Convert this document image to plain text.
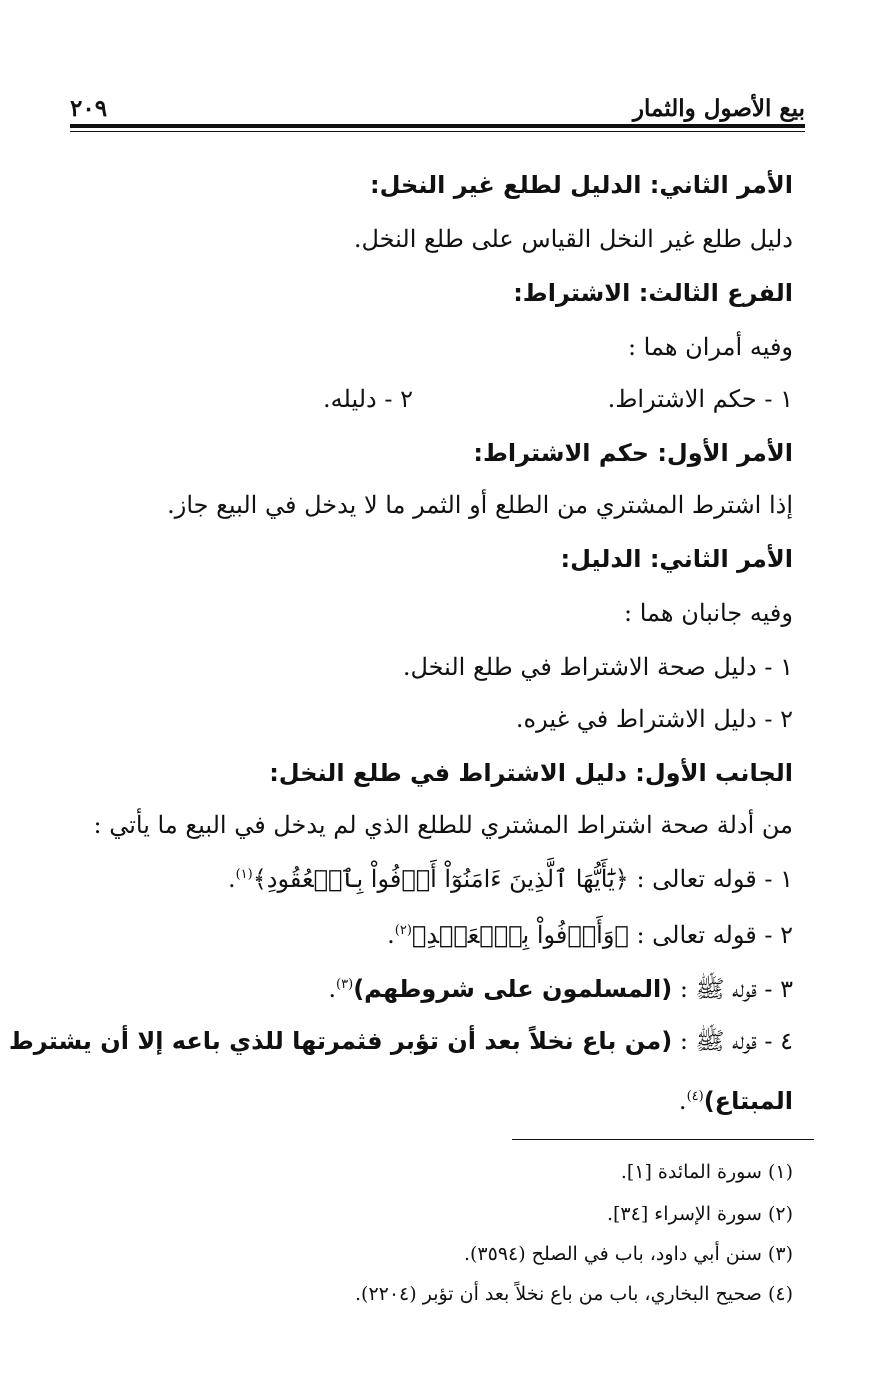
بيع الأصول والثمار
٢٠٩
الأمر الثاني: الدليل لطلع غير النخل:
دليل طلع غير النخل القياس على طلع النخل.
الفرع الثالث: الاشتراط:
وفيه أمران هما :
١ - حكم الاشتراط.
٢ - دليله.
الأمر الأول: حكم الاشتراط:
إذا اشترط المشتري من الطلع أو الثمر ما لا يدخل في البيع جاز.
الأمر الثاني: الدليل:
وفيه جانبان هما :
١ - دليل صحة الاشتراط في طلع النخل.
٢ - دليل الاشتراط في غيره.
الجانب الأول: دليل الاشتراط في طلع النخل:
من أدلة صحة اشتراط المشتري للطلع الذي لم يدخل في البيع ما يأتي :
١ - قوله تعالى : ﴿يَٰٓأَيُّهَا ٱلَّذِينَ ءَامَنُوٓاْ أَوۡفُواْ بِٱلۡعُقُودِ﴾$^{(١)}$.
٢ - قوله تعالى : ﴿وَأَوۡفُواْ بِٱلۡعَهۡدِ﴾$^{(٢)}$.
٣ - قوله ﷺ : (المسلمون على شروطهم)$^{(٣)}$.
٤ - قوله ﷺ : (من باع نخلاً بعد أن تؤبر فثمرتها للذي باعه إلا أن يشترط
المبتاع)$^{(٤)}$.
(١) سورة المائدة [١].
(٢) سورة الإسراء [٣٤].
(٣) سنن أبي داود، باب في الصلح (٣٥٩٤).
(٤) صحيح البخاري، باب من باع نخلاً بعد أن تؤبر (٢٢٠٤).
